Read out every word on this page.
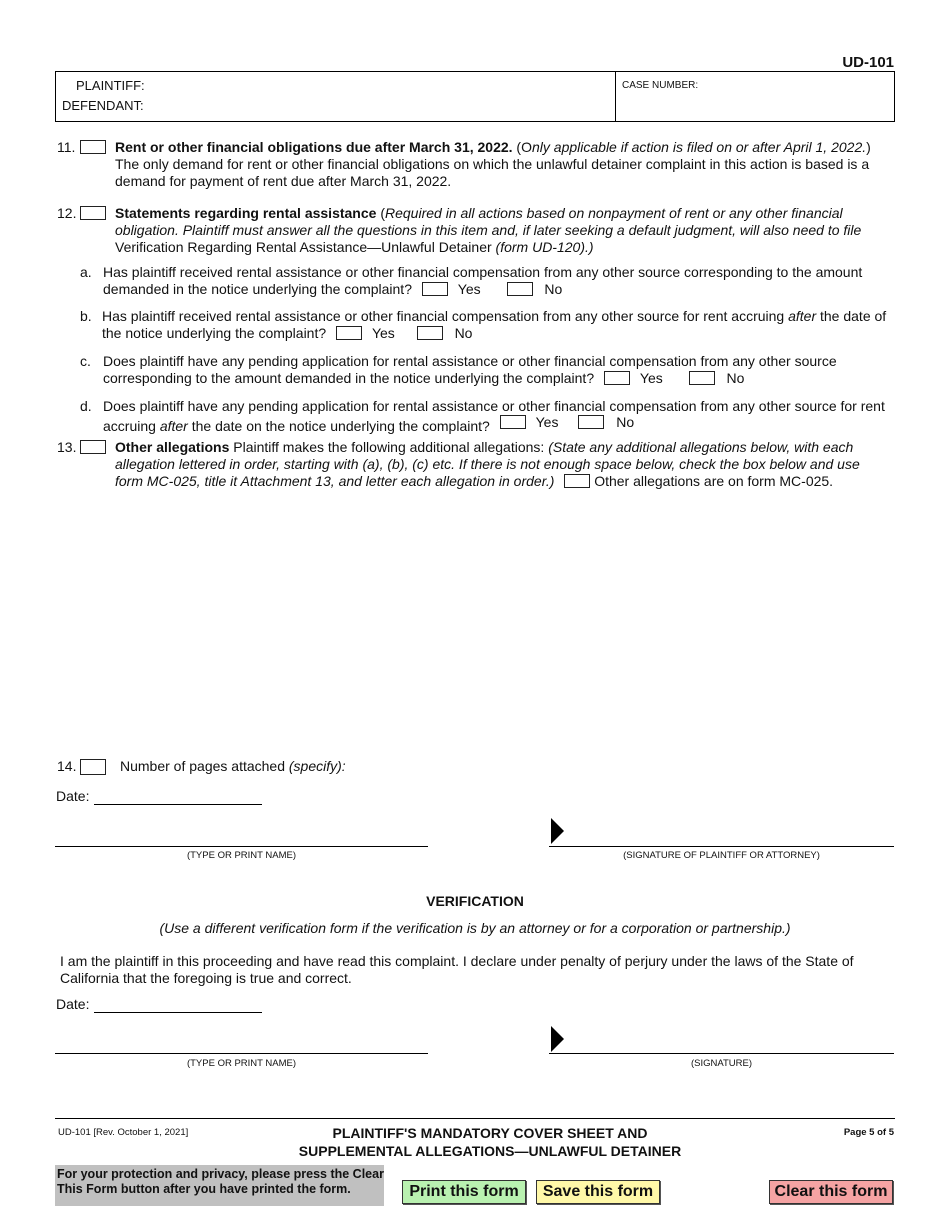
UD-101
PLAINTIFF:
DEFENDANT:
CASE NUMBER:
11.	Rent or other financial obligations due after March 31, 2022. (Only applicable if action is filed on or after April 1, 2022.)
The only demand for rent or other financial obligations on which the unlawful detainer complaint in this action is based is a demand for payment of rent due after March 31, 2022.
12.	Statements regarding rental assistance (Required in all actions based on nonpayment of rent or any other financial obligation. Plaintiff must answer all the questions in this item and, if later seeking a default judgment, will also need to file Verification Regarding Rental Assistance—Unlawful Detainer (form UD-120).)
a. Has plaintiff received rental assistance or other financial compensation from any other source corresponding to the amount
demanded in the notice underlying the complaint?	Yes	No
b. Has plaintiff received rental assistance or other financial compensation from any other source for rent accruing after the date of
the notice underlying the complaint?	Yes	No
c. Does plaintiff have any pending application for rental assistance or other financial compensation from any other source
corresponding to the amount demanded in the notice underlying the complaint?	Yes	No
d. Does plaintiff have any pending application for rental assistance or other financial compensation from any other source for rent
accruing after the date on the notice underlying the complaint?	Yes	No
13.	Other allegations Plaintiff makes the following additional allegations: (State any additional allegations below, with each allegation lettered in order, starting with (a), (b), (c) etc. If there is not enough space below, check the box below and use form MC-025, title it Attachment 13, and letter each allegation in order.)	Other allegations are on form MC-025.
14.	Number of pages attached (specify):
Date:
(TYPE OR PRINT NAME)	(SIGNATURE OF PLAINTIFF OR ATTORNEY)
VERIFICATION
(Use a different verification form if the verification is by an attorney or for a corporation or partnership.)
I am the plaintiff in this proceeding and have read this complaint. I declare under penalty of perjury under the laws of the State of
California that the foregoing is true and correct.
Date:
(TYPE OR PRINT NAME)	(SIGNATURE)
UD-101 [Rev. October 1, 2021]	PLAINTIFF'S MANDATORY COVER SHEET AND
SUPPLEMENTAL ALLEGATIONS—UNLAWFUL DETAINER
Page 5 of 5
For your protection and privacy, please press the Clear
This Form button after you have printed the form.	Print this form	Save this form	Clear this form
